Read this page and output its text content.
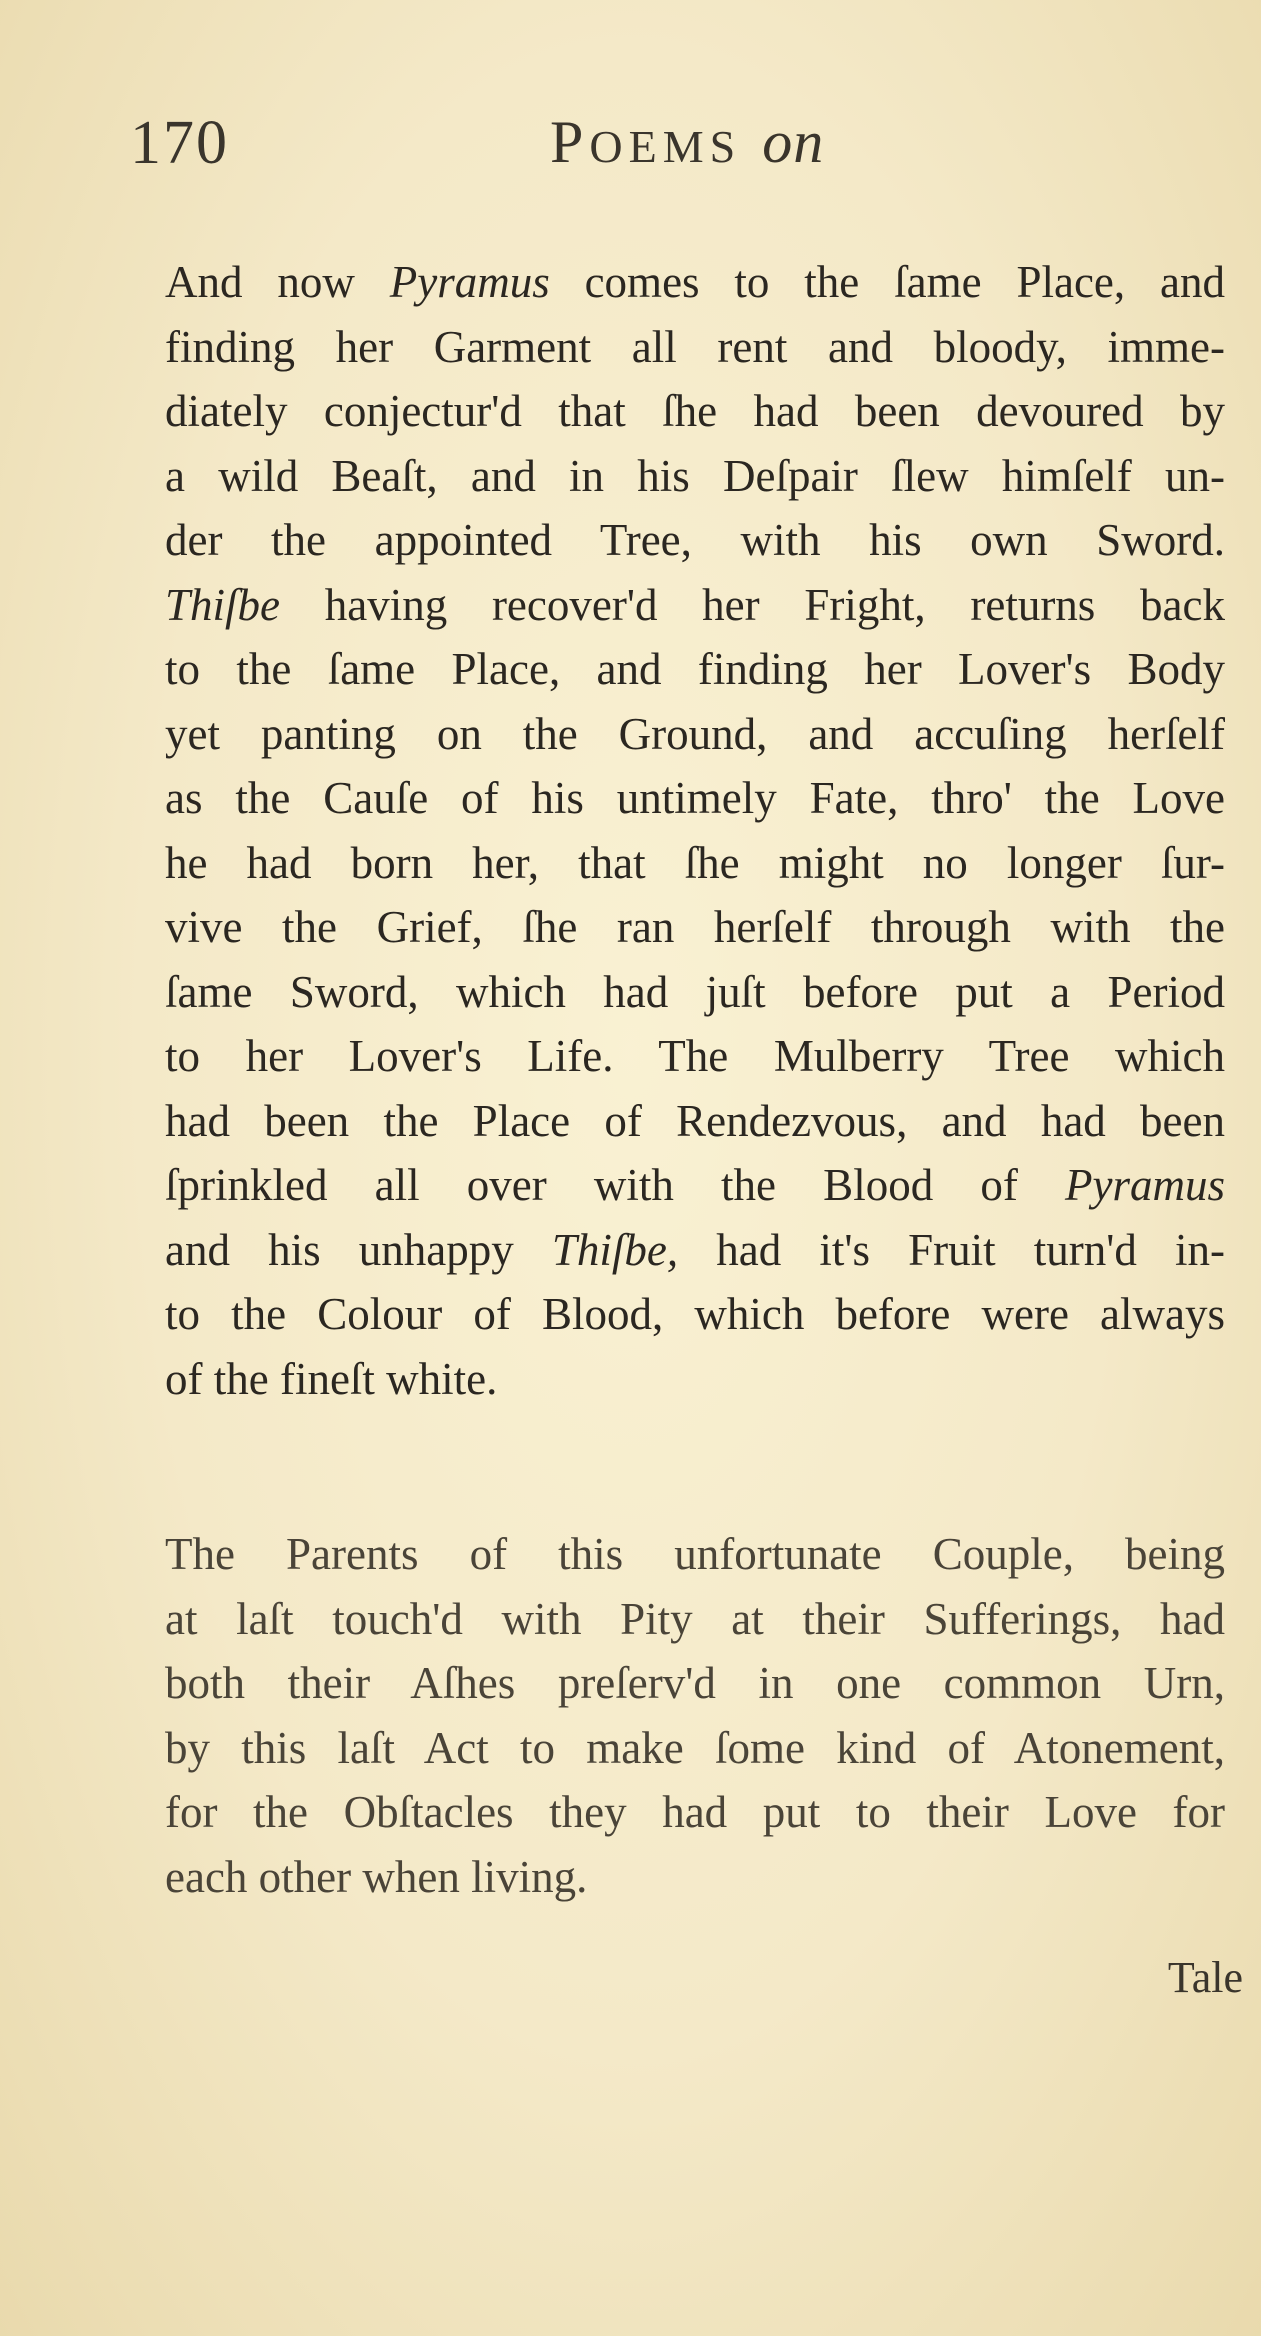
170	POEMS on

And now Pyramus comes to the ſame Place, and

finding her Garment all rent and bloody, imme-

diately conjectur'd that ſhe had been devoured by

a wild Beaſt, and in his Deſpair ſlew himſelf un-

der the appointed Tree, with his own Sword.

Thiſbe having recover'd her Fright, returns back

to the ſame Place, and finding her Lover's Body

yet panting on the Ground, and accuſing herſelf

as the Cauſe of his untimely Fate, thro' the Love

he had born her, that ſhe might no longer ſur-

vive the Grief, ſhe ran herſelf through with the

ſame Sword, which had juſt before put a Period

to her Lover's Life. The Mulberry Tree which

had been the Place of Rendezvous, and had been

ſprinkled all over with the Blood of Pyramus

and his unhappy Thiſbe, had it's Fruit turn'd in-

to the Colour of Blood, which before were always

of the fineſt white.

The Parents of this unfortunate Couple, being

at laſt touch'd with Pity at their Sufferings, had

both their Aſhes preſerv'd in one common Urn,

by this laſt Act to make ſome kind of Atonement,

for the Obſtacles they had put to their Love for

each other when living.

Tale
